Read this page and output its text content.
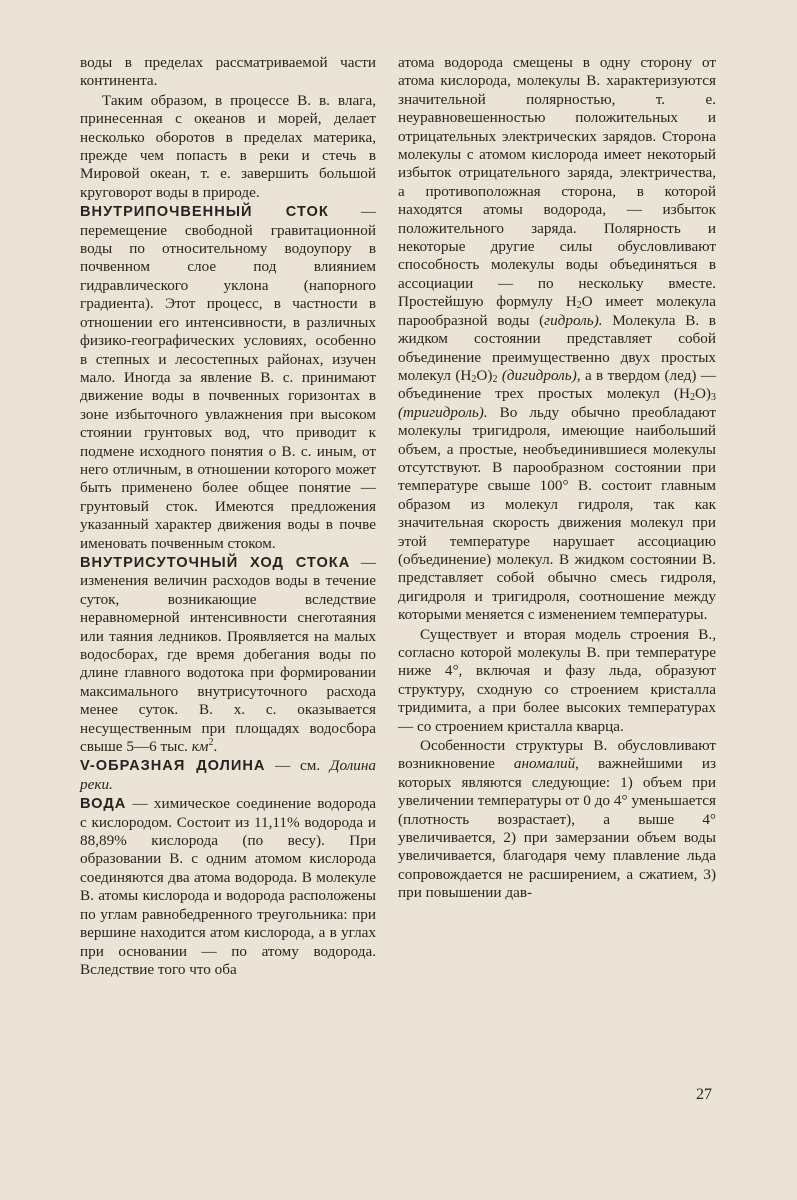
воды в пределах рассматриваемой части континента.

Таким образом, в процессе В. в. влага, принесенная с океанов и морей, делает несколько оборотов в пределах материка, прежде чем попасть в реки и стечь в Мировой океан, т. е. завершить большой круговорот воды в природе.

ВНУТРИПОЧВЕННЫЙ СТОК — перемещение свободной гравитационной воды по относительному водоупору в почвенном слое под влиянием гидравлического уклона (напорного градиента). Этот процесс, в частности в отношении его интенсивности, в различных физико-географических условиях, особенно в степных и лесостепных районах, изучен мало. Иногда за явление В. с. принимают движение воды в почвенных горизонтах в зоне избыточного увлажнения при высоком стоянии грунтовых вод, что приводит к подмене исходного понятия о В. с. иным, от него отличным, в отношении которого может быть применено более общее понятие — грунтовый сток. Имеются предложения указанный характер движения воды в почве именовать почвенным стоком.

ВНУТРИСУТОЧНЫЙ ХОД СТОКА — изменения величин расходов воды в течение суток, возникающие вследствие неравномерной интенсивности снеготаяния или таяния ледников. Проявляется на малых водосборах, где время добегания воды по длине главного водотока при формировании максимального внутрисуточного расхода менее суток. В. х. с. оказывается несущественным при площадях водосбора свыше 5—6 тыс. $км^2$.

V-ОБРАЗНАЯ ДОЛИНА — см. Долина реки.

ВОДА — химическое соединение водорода с кислородом. Состоит из 11,11% водорода и 88,89% кислорода (по весу). При образовании В. с одним атомом кислорода соединяются два атома водорода. В молекуле В. атомы кислорода и водорода расположены по углам равнобедренного треугольника: при вершине находится атом кислорода, а в углах при основании — по атому водорода. Вследствие того что оба

атома водорода смещены в одну сторону от атома кислорода, молекулы В. характеризуются значительной полярностью, т. е. неуравновешенностью положительных и отрицательных электрических зарядов. Сторона молекулы с атомом кислорода имеет некоторый избыток отрицательного заряда, электричества, а противоположная сторона, в которой находятся атомы водорода, — избыток положительного заряда. Полярность и некоторые другие силы обусловливают способность молекулы воды объединяться в ассоциации — по нескольку вместе. Простейшую формулу $H_2O$ имеет молекула парообразной воды (гидроль). Молекула В. в жидком состоянии представляет собой объединение преимущественно двух простых молекул $(H_2O)_2$ (дигидроль), а в твердом (лед) — объединение трех простых молекул $(H_2O)_3$ (тригидроль). Во льду обычно преобладают молекулы тригидроля, имеющие наибольший объем, а простые, необъединившиеся молекулы отсутствуют. В парообразном состоянии при температуре свыше 100° В. состоит главным образом из молекул гидроля, так как значительная скорость движения молекул при этой температуре нарушает ассоциацию (объединение) молекул. В жидком состоянии В. представляет собой обычно смесь гидроля, дигидроля и тригидроля, соотношение между которыми меняется с изменением температуры.

Существует и вторая модель строения В., согласно которой молекулы В. при температуре ниже 4°, включая и фазу льда, образуют структуру, сходную со строением кристалла тридимита, а при более высоких температурах — со строением кристалла кварца.

Особенности структуры В. обусловливают возникновение аномалий, важнейшими из которых являются следующие: 1) объем при увеличении температуры от 0 до 4° уменьшается (плотность возрастает), а выше 4° увеличивается, 2) при замерзании объем воды увеличивается, благодаря чему плавление льда сопровождается не расширением, а сжатием, 3) при повышении дав-

27
